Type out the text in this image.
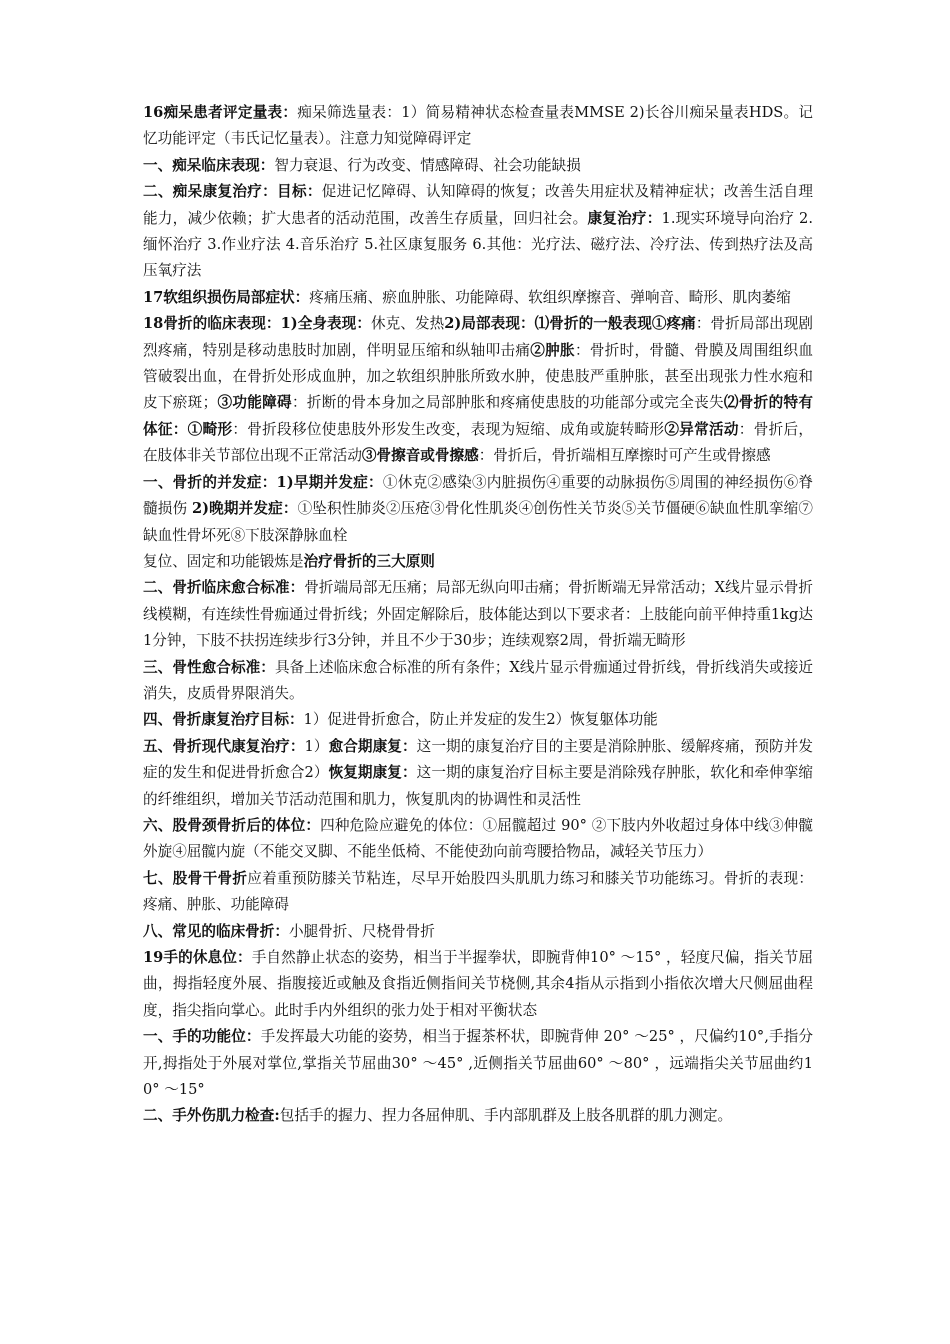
16痴呆患者评定量表：痴呆筛选量表：1）简易精神状态检查量表MMSE 2)长谷川痴呆量表HDS。记忆功能评定（韦氏记忆量表）。注意力知觉障碍评定

一、痴呆临床表现：智力衰退、行为改变、情感障碍、社会功能缺损

二、痴呆康复治疗：目标：促进记忆障碍、认知障碍的恢复；改善失用症状及精神症状；改善生活自理能力，减少依赖；扩大患者的活动范围，改善生存质量，回归社会。康复治疗：1.现实环境导向治疗 2.缅怀治疗 3.作业疗法 4.音乐治疗 5.社区康复服务 6.其他：光疗法、磁疗法、冷疗法、传到热疗法及高压氧疗法

17软组织损伤局部症状：疼痛压痛、瘀血肿胀、功能障碍、软组织摩擦音、弹响音、畸形、肌肉萎缩

18骨折的临床表现：1)全身表现：休克、发热2)局部表现：⑴骨折的一般表现①疼痛：骨折局部出现剧烈疼痛，特别是移动患肢时加剧，伴明显压缩和纵轴叩击痛②肿胀：骨折时，骨髓、骨膜及周围组织血管破裂出血，在骨折处形成血肿，加之软组织肿胀所致水肿，使患肢严重肿胀，甚至出现张力性水疱和皮下瘀斑；③功能障碍：折断的骨本身加之局部肿胀和疼痛使患肢的功能部分或完全丧失⑵骨折的特有体征：①畸形：骨折段移位使患肢外形发生改变，表现为短缩、成角或旋转畸形②异常活动：骨折后，在肢体非关节部位出现不正常活动③骨擦音或骨擦感：骨折后，骨折端相互摩擦时可产生或骨擦感

一、骨折的并发症：1)早期并发症：①休克②感染③内脏损伤④重要的动脉损伤⑤周围的神经损伤⑥脊髓损伤 2)晚期并发症：①坠积性肺炎②压疮③骨化性肌炎④创伤性关节炎⑤关节僵硬⑥缺血性肌挛缩⑦缺血性骨坏死⑧下肢深静脉血栓

复位、固定和功能锻炼是治疗骨折的三大原则

二、骨折临床愈合标准：骨折端局部无压痛；局部无纵向叩击痛；骨折断端无异常活动；X线片显示骨折线模糊，有连续性骨痂通过骨折线；外固定解除后，肢体能达到以下要求者：上肢能向前平伸持重1kg达1分钟，下肢不扶拐连续步行3分钟，并且不少于30步；连续观察2周，骨折端无畸形

三、骨性愈合标准：具备上述临床愈合标准的所有条件；X线片显示骨痂通过骨折线，骨折线消失或接近消失，皮质骨界限消失。

四、骨折康复治疗目标：1）促进骨折愈合，防止并发症的发生2）恢复躯体功能

五、骨折现代康复治疗：1）愈合期康复：这一期的康复治疗目的主要是消除肿胀、缓解疼痛，预防并发症的发生和促进骨折愈合2）恢复期康复：这一期的康复治疗目标主要是消除残存肿胀，软化和牵伸挛缩的纤维组织，增加关节活动范围和肌力，恢复肌肉的协调性和灵活性

六、股骨颈骨折后的体位：四种危险应避免的体位：①屈髋超过 90° ②下肢内外收超过身体中线③伸髋外旋④屈髋内旋（不能交叉脚、不能坐低椅、不能使劲向前弯腰拾物品，减轻关节压力）

七、股骨干骨折应着重预防膝关节粘连，尽早开始股四头肌肌力练习和膝关节功能练习。骨折的表现：疼痛、肿胀、功能障碍

八、常见的临床骨折：小腿骨折、尺桡骨骨折

19手的休息位：手自然静止状态的姿势，相当于半握拳状，即腕背伸10° ～15° ，轻度尺偏，指关节屈曲，拇指轻度外展、指腹接近或触及食指近侧指间关节桡侧,其余4指从示指到小指依次增大尺侧屈曲程度，指尖指向掌心。此时手内外组织的张力处于相对平衡状态

一、手的功能位：手发挥最大功能的姿势，相当于握茶杯状，即腕背伸 20° ～25° ，尺偏约10°,手指分开,拇指处于外展对掌位,掌指关节屈曲30° ～45° ,近侧指关节屈曲60° ～80° ，远端指尖关节屈曲约10° ～15°

二、手外伤肌力检查:包括手的握力、捏力各屈伸肌、手内部肌群及上肢各肌群的肌力测定。
